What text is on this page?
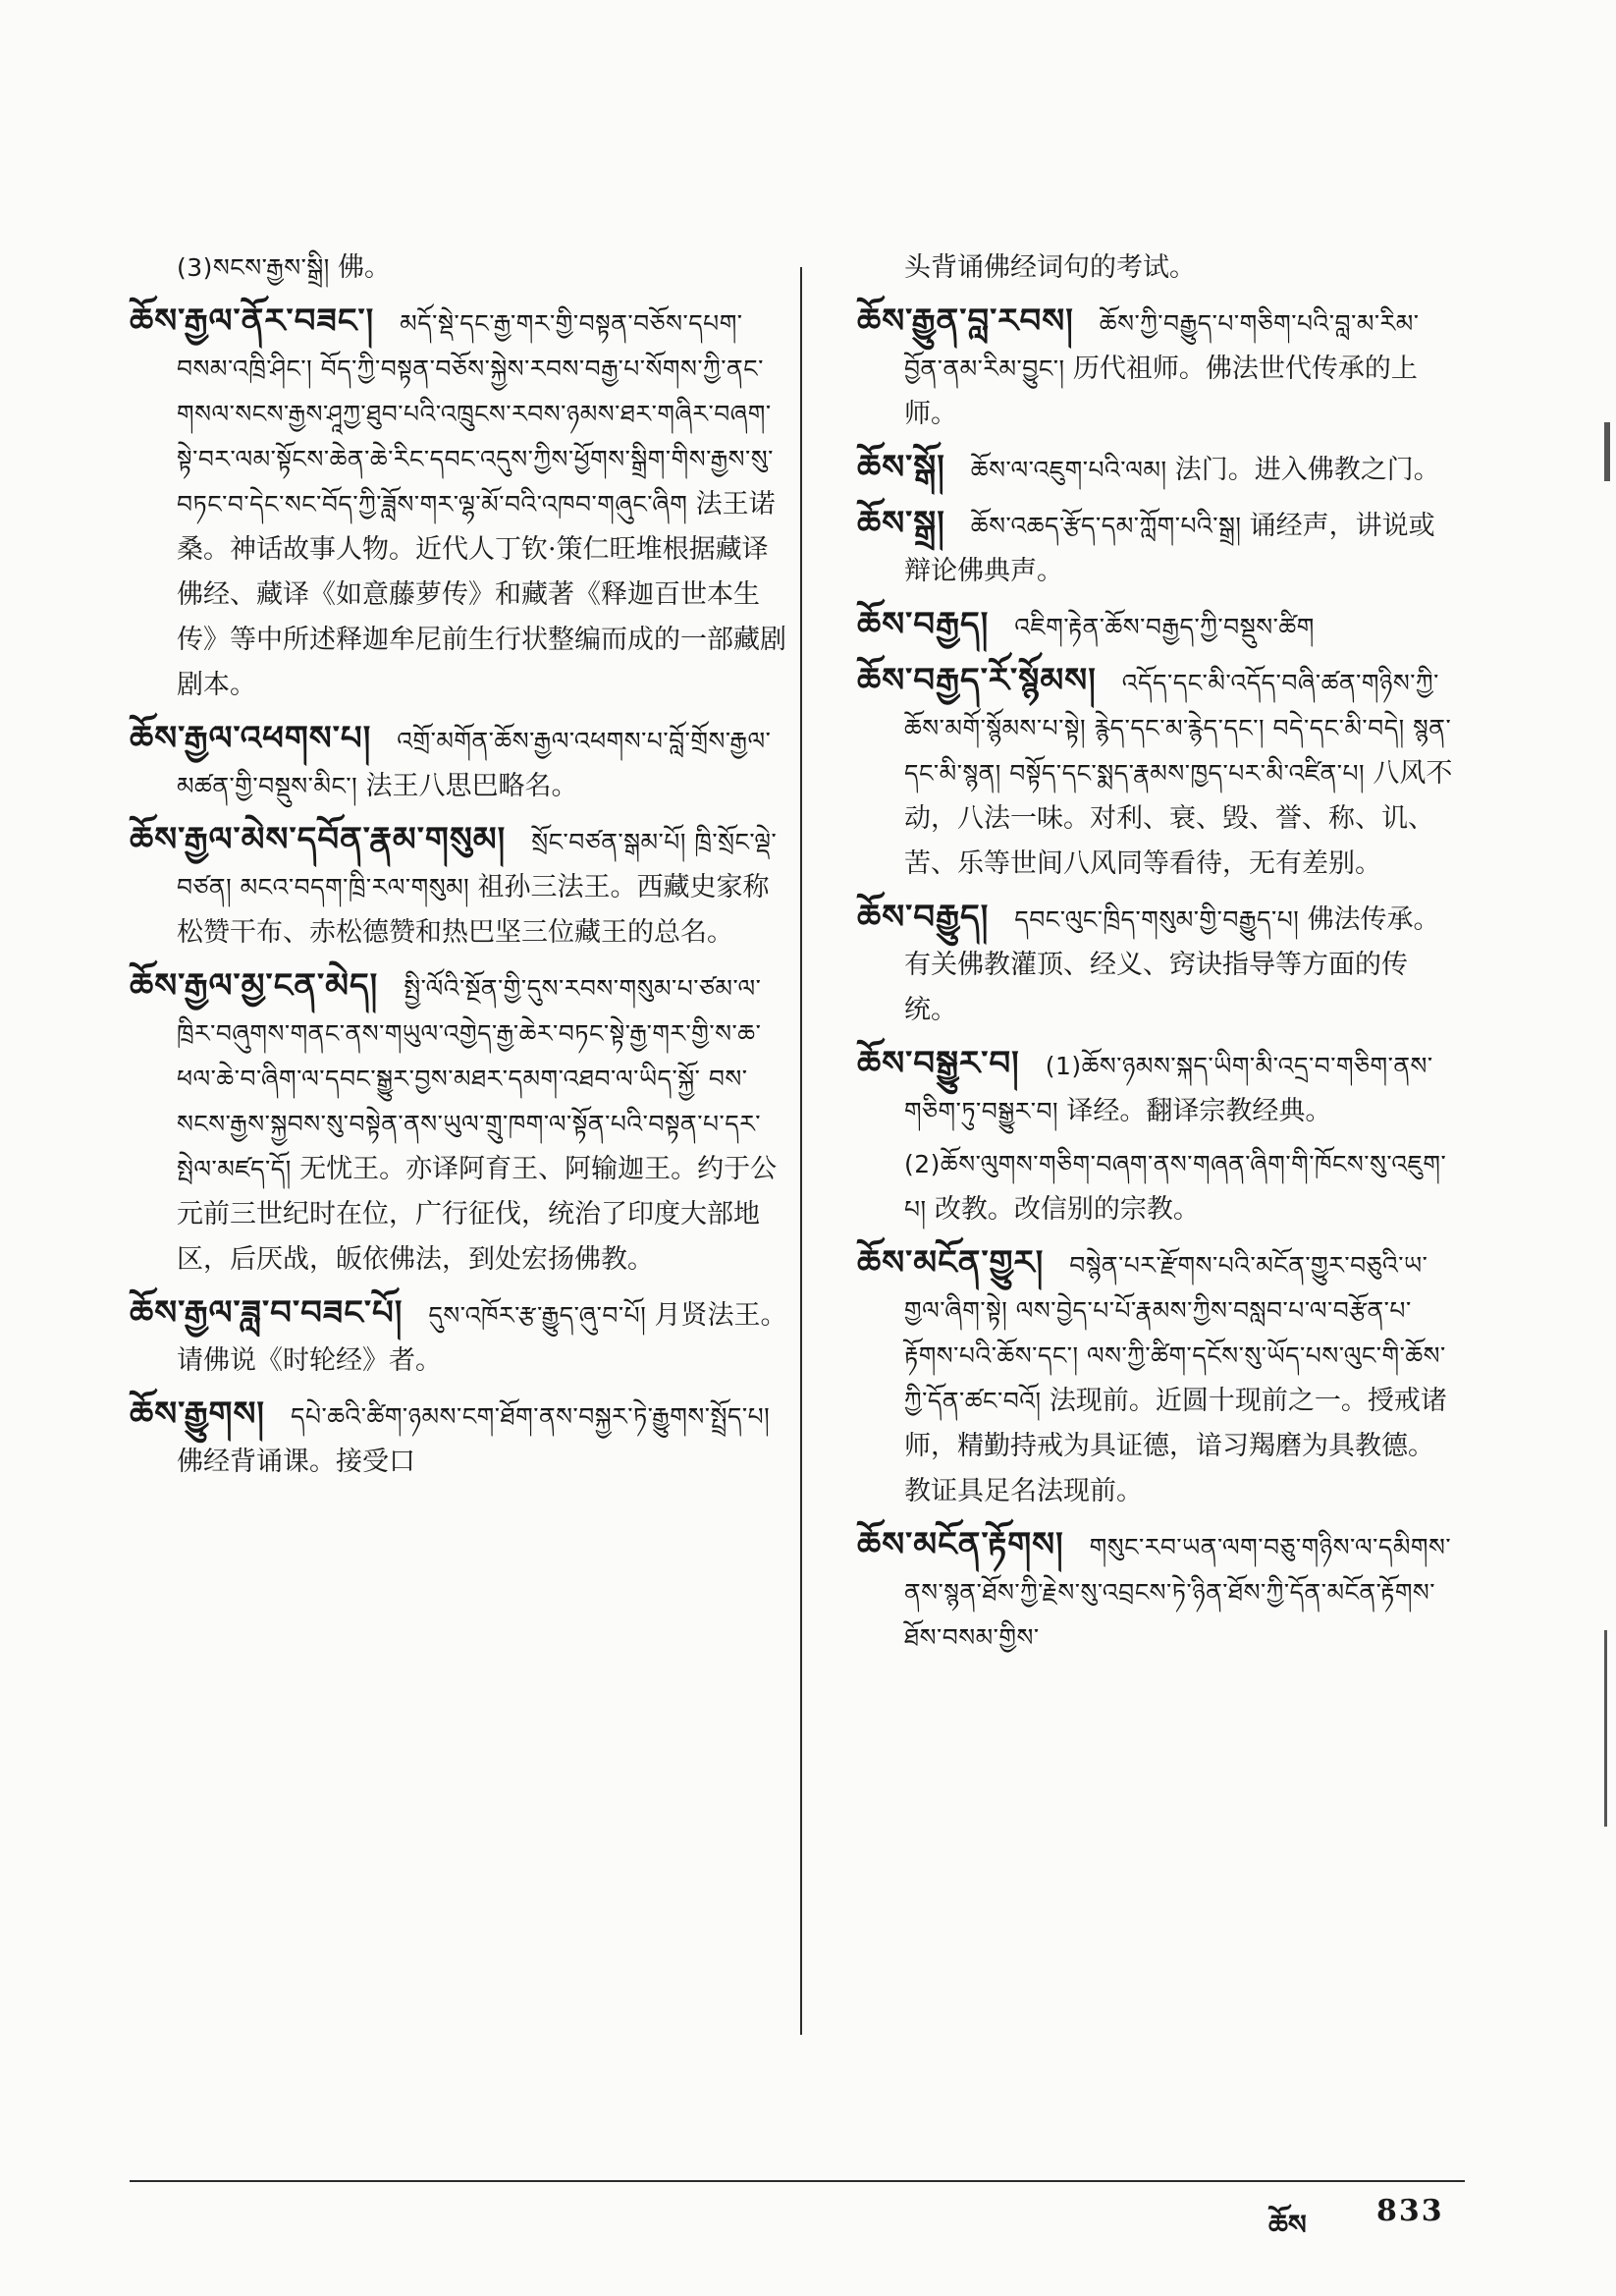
(3)སངས་རྒྱས་སྒྲི། 佛。
ཆོས་རྒྱལ་ནོར་བཟང་།  མདོ་སྡེ་དང་རྒྱ་གར་གྱི་བསྟན་བཅོས་དཔག་བསམ་འཁྲི་ཤིང་། བོད་ཀྱི་བསྟན་བཅོས་སྐྱེས་རབས་བརྒྱ་པ་སོགས་ཀྱི་ནང་གསལ་སངས་རྒྱས་ཤཱཀྱ་ཐུབ་པའི་འཁྲུངས་རབས་ཉམས་ཐར་གཞིར་བཞག་སྟེ་བར་ལམ་སྟོངས་ཆེན་ཆེ་རིང་དབང་འདུས་ཀྱིས་ཕྱོགས་སྒྲིག་གིས་རྒྱས་སུ་བཏང་བ་དེང་སང་བོད་ཀྱི་ཟློས་གར་ལྷ་མོ་བའི་འཁབ་གཞུང་ཞིག 法王诺桑。神话故事人物。近代人丁钦·策仁旺堆根据藏译佛经、藏译《如意藤萝传》和藏著《释迦百世本生传》等中所述释迦牟尼前生行状整编而成的一部藏剧剧本。
ཆོས་རྒྱལ་འཕགས་པ།  འགྲོ་མགོན་ཆོས་རྒྱལ་འཕགས་པ་བློ་གྲོས་རྒྱལ་མཚན་གྱི་བསྡུས་མིང་། 法王八思巴略名。
ཆོས་རྒྱལ་མེས་དབོན་རྣམ་གསུམ།  སྲོང་བཙན་སྒམ་པོ། ཁྲི་སྲོང་ལྡེ་བཙན། མངའ་བདག་ཁྲི་རལ་གསུམ། 祖孙三法王。西藏史家称松赞干布、赤松德赞和热巴坚三位藏王的总名。
ཆོས་རྒྱལ་མྱ་ངན་མེད།  སྤྱི་ལོའི་སྔོན་གྱི་དུས་རབས་གསུམ་པ་ཙམ་ལ་ཁྲིར་བཞུགས་གནང་ནས་གཡུལ་འགྱེད་རྒྱ་ཆེར་བཏང་སྟེ་རྒྱ་གར་གྱི་ས་ཆ་ཕལ་ཆེ་བ་ཞིག་ལ་དབང་སྒྱུར་བྱས་མཐར་དམག་འཐབ་ལ་ཡིད་སྐྱོ་ བས་སངས་རྒྱས་སྐྱབས་སུ་བསྟེན་ནས་ཡུལ་གྲུ་ཁག་ལ་སྟོན་པའི་བསྟན་པ་དར་སྤེལ་མཛད་དོ། 无忧王。亦译阿育王、阿输迦王。约于公元前三世纪时在位，广行征伐，统治了印度大部地区，后厌战，皈依佛法，到处宏扬佛教。
ཆོས་རྒྱལ་ཟླ་བ་བཟང་པོ།  དུས་འཁོར་རྩ་རྒྱུད་ཞུ་བ་པོ། 月贤法王。请佛说《时轮经》者。
ཆོས་རྒྱུགས།  དཔེ་ཆའི་ཚིག་ཉམས་ངག་ཐོག་ནས་བསྐྱར་ཏེ་རྒྱུགས་སྤྲོད་པ། 佛经背诵课。接受口
头背诵佛经词句的考试。
ཆོས་རྒྱུན་བླ་རབས།  ཆོས་ཀྱི་བརྒྱུད་པ་གཅིག་པའི་བླ་མ་རིམ་བྱོན་ནམ་རིམ་བྱུང་། 历代祖师。佛法世代传承的上师。
ཆོས་སྒོ།  ཆོས་ལ་འཇུག་པའི་ལམ། 法门。进入佛教之门。
ཆོས་སྒྲ།  ཆོས་འཆད་རྩོད་དམ་ཀློག་པའི་སྒྲ། 诵经声，讲说或辩论佛典声。
ཆོས་བརྒྱད།  འཇིག་རྟེན་ཆོས་བརྒྱད་ཀྱི་བསྡུས་ཚིག
ཆོས་བརྒྱད་རོ་སྙོམས།  འདོད་དང་མི་འདོད་བཞི་ཚན་གཉིས་ཀྱི་ཆོས་མགོ་སྙོམས་པ་སྟེ། རྙེད་དང་མ་རྙེད་དང་། བདེ་དང་མི་བདེ། སྙན་དང་མི་སྙན། བསྟོད་དང་སྨད་རྣམས་ཁྱད་པར་མི་འཛིན་པ། 八风不动，八法一味。对利、衰、毁、誉、称、讥、苦、乐等世间八风同等看待，无有差别。
ཆོས་བརྒྱུད།  དབང་ལུང་ཁྲིད་གསུམ་གྱི་བརྒྱུད་པ། 佛法传承。有关佛教灌顶、经义、窍诀指导等方面的传统。
ཆོས་བསྒྱུར་བ།  (1)ཆོས་ཉམས་སྐད་ཡིག་མི་འདྲ་བ་གཅིག་ནས་གཅིག་ཏུ་བསྒྱུར་བ། 译经。翻译宗教经典。
(2)ཆོས་ལུགས་གཅིག་བཞག་ནས་གཞན་ཞིག་གི་ཁོངས་སུ་འཇུག་པ། 改教。改信别的宗教。
ཆོས་མངོན་གྱུར།  བསྙེན་པར་རྫོགས་པའི་མངོན་གྱུར་བཅུའི་ཡ་གྱལ་ཞིག་སྟེ། ལས་བྱེད་པ་པོ་རྣམས་ཀྱིས་བསླབ་པ་ལ་བརྩོན་པ་རྟོགས་པའི་ཆོས་དང་། ལས་ཀྱི་ཚིག་དངོས་སུ་ཡོད་པས་ལུང་གི་ཆོས་ཀྱི་དོན་ཚང་བའོ། 法现前。近圆十现前之一。授戒诸师，精勤持戒为具证德，谙习羯磨为具教德。教证具足名法现前。
ཆོས་མངོན་རྟོགས།  གསུང་རབ་ཡན་ལག་བཅུ་གཉིས་ལ་དམིགས་ནས་སྙན་ཐོས་ཀྱི་རྗེས་སུ་འབྲངས་ཏེ་ཉིན་ཐོས་ཀྱི་དོན་མངོན་རྟོགས་ཐོས་བསམ་གྱིས་
ཆོས 833
